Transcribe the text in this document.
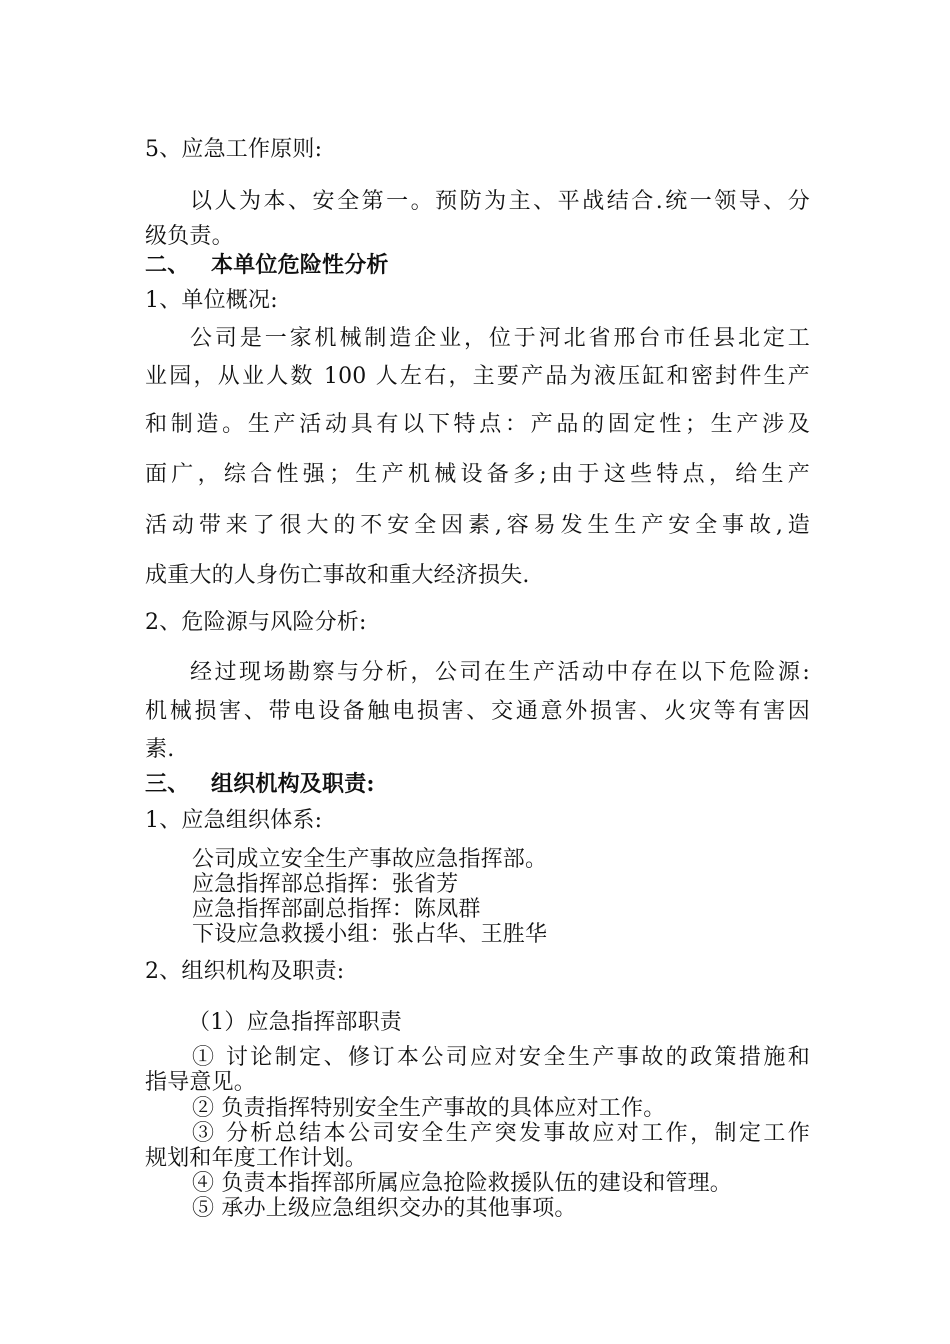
5、应急工作原则:
以人为本、安全第一。预防为主、平战结合.统一领导、分
级负责。
二、 本单位危险性分析
1、单位概况:
公司是一家机械制造企业，位于河北省邢台市任县北定工
业园，从业人数 100 人左右，主要产品为液压缸和密封件生产
和制造。生产活动具有以下特点：产品的固定性；生产涉及
面广，综合性强；生产机械设备多;由于这些特点，给生产
活动带来了很大的不安全因素,容易发生生产安全事故,造
成重大的人身伤亡事故和重大经济损失.
2、危险源与风险分析:
经过现场勘察与分析，公司在生产活动中存在以下危险源:
机械损害、带电设备触电损害、交通意外损害、火灾等有害因
素.
三、 组织机构及职责:
1、应急组织体系:
公司成立安全生产事故应急指挥部。
应急指挥部总指挥：张省芳
应急指挥部副总指挥：陈凤群
下设应急救援小组：张占华、王胜华
2、组织机构及职责:
（1）应急指挥部职责
① 讨论制定、修订本公司应对安全生产事故的政策措施和
指导意见。
② 负责指挥特别安全生产事故的具体应对工作。
③ 分析总结本公司安全生产突发事故应对工作，制定工作
规划和年度工作计划。
④ 负责本指挥部所属应急抢险救援队伍的建设和管理。
⑤ 承办上级应急组织交办的其他事项。
